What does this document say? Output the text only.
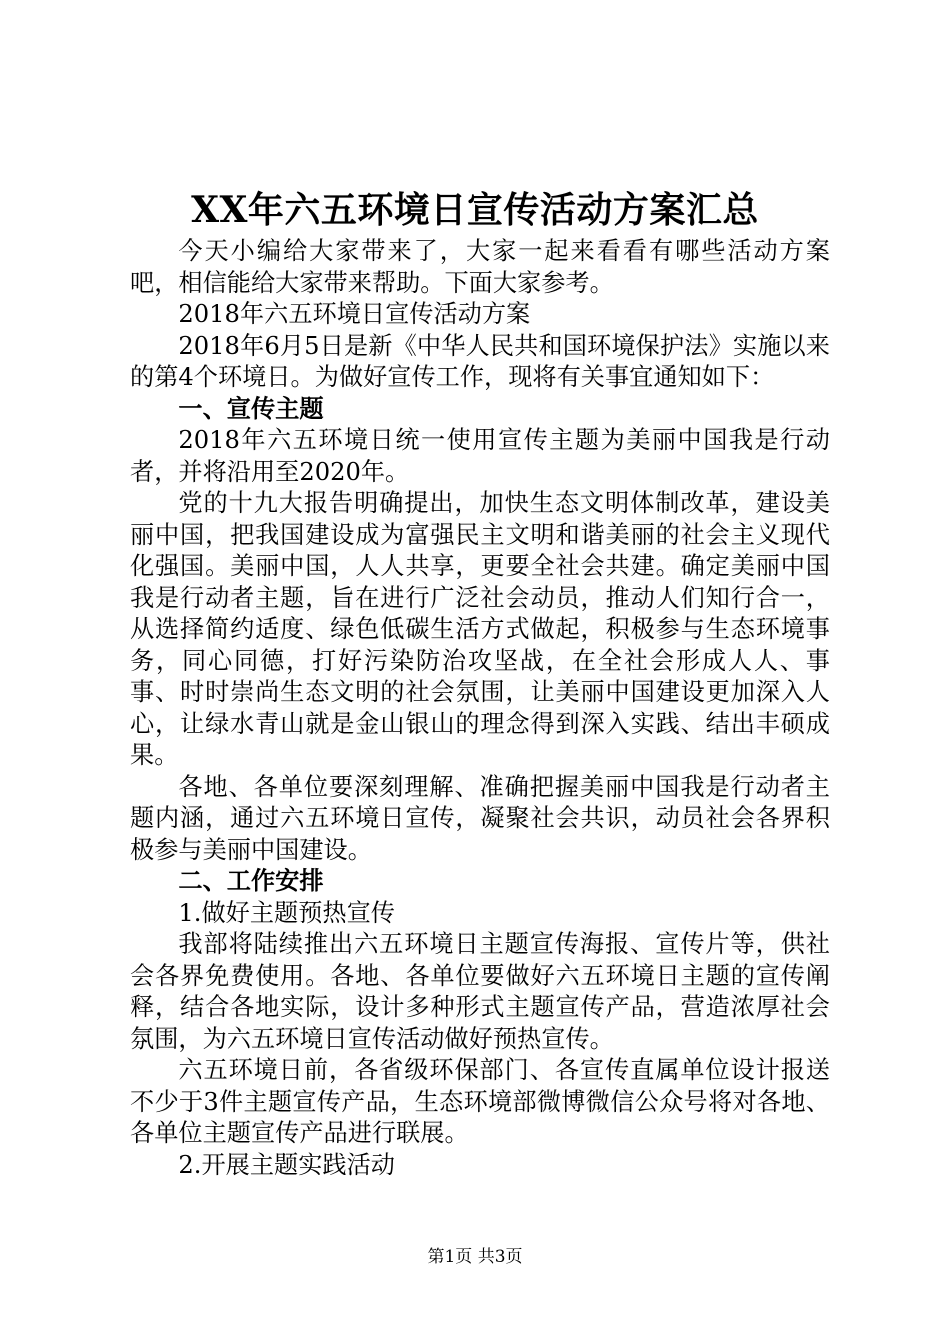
XX年六五环境日宣传活动方案汇总

今天小编给大家带来了，大家一起来看看有哪些活动方案吧，相信能给大家带来帮助。下面大家参考。

2018年六五环境日宣传活动方案

2018年6月5日是新《中华人民共和国环境保护法》实施以来的第4个环境日。为做好宣传工作，现将有关事宜通知如下：

一、宣传主题

2018年六五环境日统一使用宣传主题为美丽中国我是行动者，并将沿用至2020年。

党的十九大报告明确提出，加快生态文明体制改革，建设美丽中国，把我国建设成为富强民主文明和谐美丽的社会主义现代化强国。美丽中国，人人共享，更要全社会共建。确定美丽中国我是行动者主题，旨在进行广泛社会动员，推动人们知行合一，从选择简约适度、绿色低碳生活方式做起，积极参与生态环境事务，同心同德，打好污染防治攻坚战，在全社会形成人人、事事、时时崇尚生态文明的社会氛围，让美丽中国建设更加深入人心，让绿水青山就是金山银山的理念得到深入实践、结出丰硕成果。

各地、各单位要深刻理解、准确把握美丽中国我是行动者主题内涵，通过六五环境日宣传，凝聚社会共识，动员社会各界积极参与美丽中国建设。

二、工作安排

1.做好主题预热宣传

我部将陆续推出六五环境日主题宣传海报、宣传片等，供社会各界免费使用。各地、各单位要做好六五环境日主题的宣传阐释，结合各地实际，设计多种形式主题宣传产品，营造浓厚社会氛围，为六五环境日宣传活动做好预热宣传。

六五环境日前，各省级环保部门、各宣传直属单位设计报送不少于3件主题宣传产品，生态环境部微博微信公众号将对各地、各单位主题宣传产品进行联展。

2.开展主题实践活动

第1页 共3页
